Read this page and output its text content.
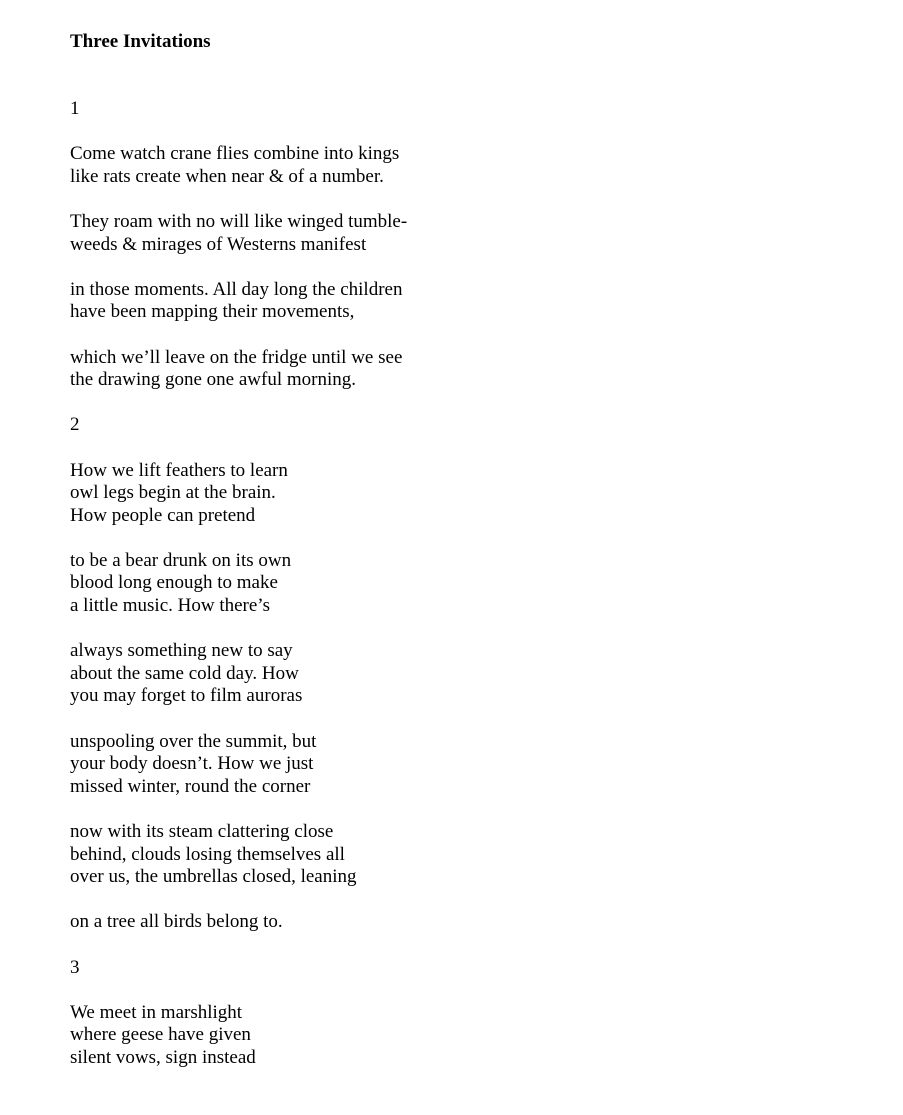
Three Invitations
1
Come watch crane flies combine into kings
like rats create when near & of a number.
They roam with no will like winged tumble-
weeds & mirages of Westerns manifest
in those moments. All day long the children
have been mapping their movements,
which we’ll leave on the fridge until we see
the drawing gone one awful morning.
2
How we lift feathers to learn
owl legs begin at the brain.
How people can pretend
to be a bear drunk on its own
blood long enough to make
a little music. How there’s
always something new to say
about the same cold day. How
you may forget to film auroras
unspooling over the summit, but
your body doesn’t. How we just
missed winter, round the corner
now with its steam clattering close
behind, clouds losing themselves all
over us, the umbrellas closed, leaning
on a tree all birds belong to.
3
We meet in marshlight
where geese have given
silent vows, sign instead
